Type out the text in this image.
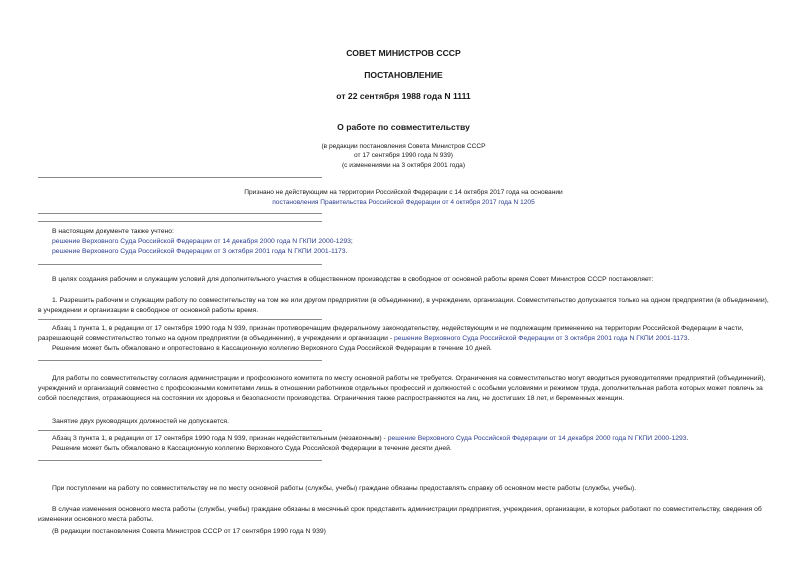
СОВЕТ МИНИСТРОВ СССР
ПОСТАНОВЛЕНИЕ
от 22 сентября 1988 года N 1111
О работе по совместительству
(в редакции постановления Совета Министров СССР
от 17 сентября 1990 года N 939)
(с изменениями на 3 октября 2001 года)
Признано не действующим на территории Российской Федерации с 14 октября 2017 года на основании
постановления Правительства Российской Федерации от 4 октября 2017 года N 1205
В настоящем документе также учтено:
решение Верховного Суда Российской Федерации от 14 декабря 2000 года N ГКПИ 2000-1293;
решение Верховного Суда Российской Федерации от 3 октября 2001 года N ГКПИ 2001-1173.
В целях создания рабочим и служащим условий для дополнительного участия в общественном производстве в свободное от основной работы время Совет Министров СССР постановляет:
1. Разрешить рабочим и служащим работу по совместительству на том же или другом предприятии (в объединении), в учреждении, организации. Совместительство допускается только на одном предприятии (в объединении), в учреждении и организации в свободное от основной работы время.
Абзац 1 пункта 1, в редакции от 17 сентября 1990 года N 939, признан противоречащим федеральному законодательству, недействующим и не подлежащим применению на территории Российской Федерации в части, разрешающей совместительство только на одном предприятии (в объединении), в учреждении и организации - решение Верховного Суда Российской Федерации от 3 октября 2001 года N ГКПИ 2001-1173.
Решение может быть обжаловано и опротестовано в Кассационную коллегию Верховного Суда Российской Федерации в течение 10 дней.
Для работы по совместительству согласия администрации и профсоюзного комитета по месту основной работы не требуется. Ограничения на совместительство могут вводиться руководителями предприятий (объединений), учреждений и организаций совместно с профсоюзными комитетами лишь в отношении работников отдельных профессий и должностей с особыми условиями и режимом труда, дополнительная работа которых может повлечь за собой последствия, отражающиеся на состоянии их здоровья и безопасности производства. Ограничения также распространяются на лиц, не достигших 18 лет, и беременных женщин.
Занятие двух руководящих должностей не допускается.
Абзац 3 пункта 1, в редакции от 17 сентября 1990 года N 939, признан недействительным (незаконным) - решение Верховного Суда Российской Федерации от 14 декабря 2000 года N ГКПИ 2000-1293.
Решение может быть обжаловано в Кассационную коллегию Верховного Суда Российской Федерации в течение десяти дней.
При поступлении на работу по совместительству не по месту основной работы (службы, учебы) граждане обязаны предоставлять справку об основном месте работы (службы, учебы).
В случае изменения основного места работы (службы, учебы) граждане обязаны в месячный срок представить администрации предприятия, учреждения, организации, в которых работают по совместительству, сведения об изменении основного места работы.
(В редакции постановления Совета Министров СССР от 17 сентября 1990 года N 939)
